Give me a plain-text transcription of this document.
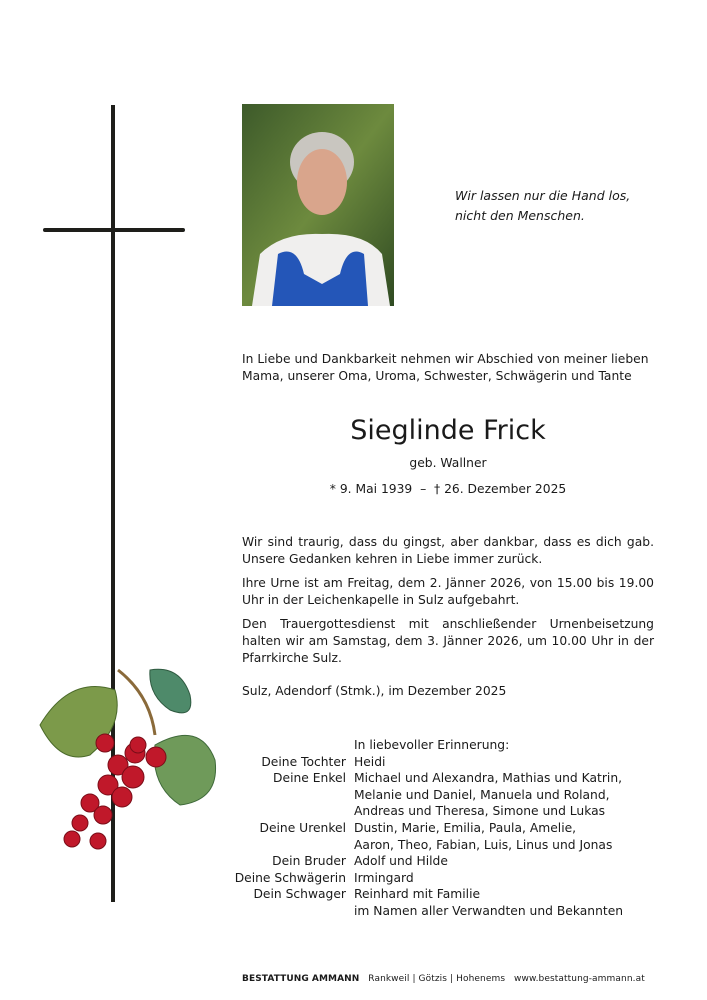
Wir lassen nur die Hand los,
nicht den Menschen.
In Liebe und Dankbarkeit nehmen wir Abschied von meiner lieben Mama, unserer Oma, Uroma, Schwester, Schwägerin und Tante
Sieglinde Frick
geb. Wallner
* 9. Mai 1939  –  † 26. Dezember 2025
Wir sind traurig, dass du gingst, aber dankbar, dass es dich gab. Unsere Gedanken kehren in Liebe immer zurück.
Ihre Urne ist am Freitag, dem 2. Jänner 2026, von 15.00 bis 19.00 Uhr in der Leichenkapelle in Sulz aufgebahrt.
Den Trauergottesdienst mit anschließender Urnenbeisetzung halten wir am Samstag, dem 3. Jänner 2026, um 10.00 Uhr in der Pfarrkirche Sulz.
Sulz, Adendorf (Stmk.), im Dezember 2025
In liebevoller Erinnerung:
Deine Tochter Heidi
Deine Enkel Michael und Alexandra, Mathias und Katrin,
Melanie und Daniel, Manuela und Roland,
Andreas und Theresa, Simone und Lukas
Deine Urenkel Dustin, Marie, Emilia, Paula, Amelie,
Aaron, Theo, Fabian, Luis, Linus und Jonas
Dein Bruder Adolf und Hilde
Deine Schwägerin Irmingard
Dein Schwager Reinhard mit Familie
im Namen aller Verwandten und Bekannten
BESTATTUNG AMMANN Rankweil | Götzis | Hohenems www.bestattung-ammann.at
